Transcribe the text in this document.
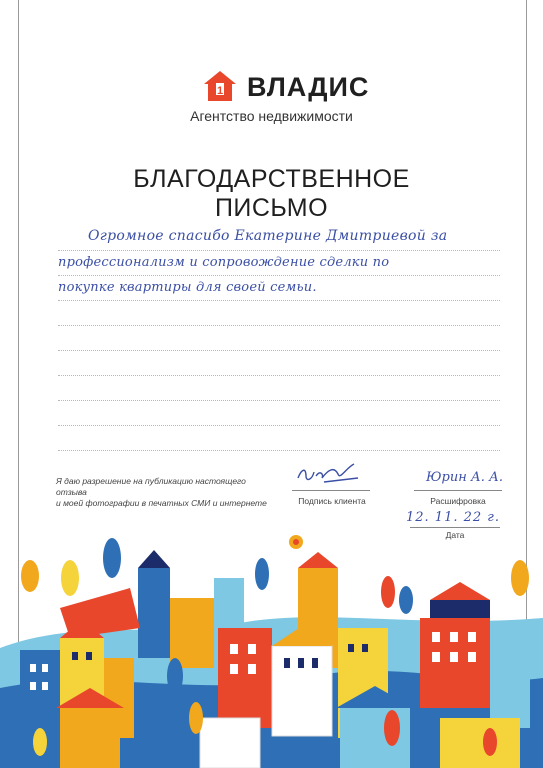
1 ВЛАДИС
Агентство недвижимости
БЛАГОДАРСТВЕННОЕ
ПИСЬМО
Огромное спасибо Екатерине Дмитриевой за
профессионализм и сопровождение сделки по
покупке квартиры для своей семьи.
Я даю разрешение на публикацию настоящего отзыва
и моей фотографии в печатных СМИ и интернете	Подпись клиента
Юрин А. А.
Расшифровка
12. 11. 22 г.
Дата
